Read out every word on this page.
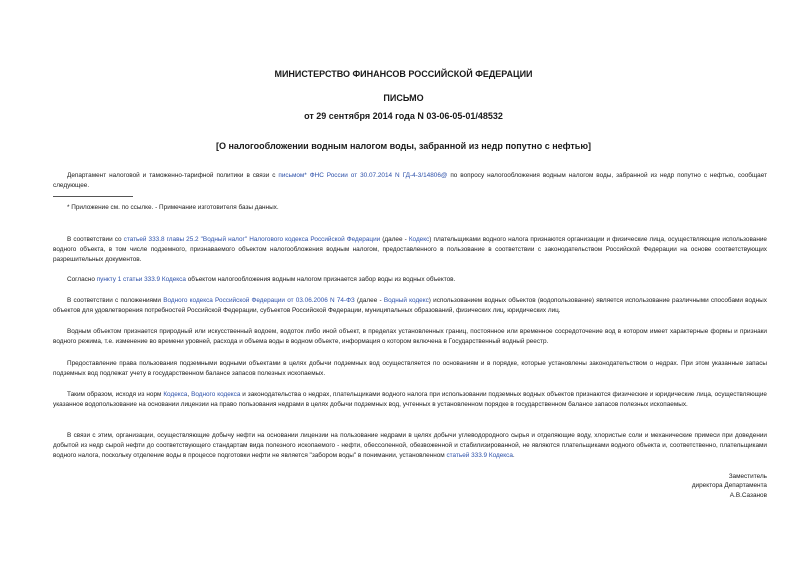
МИНИСТЕРСТВО ФИНАНСОВ РОССИЙСКОЙ ФЕДЕРАЦИИ
ПИСЬМО
от 29 сентября 2014 года N 03-06-05-01/48532
[О налогообложении водным налогом воды, забранной из недр попутно с нефтью]

Департамент налоговой и таможенно-тарифной политики в связи с письмом* ФНС России от 30.07.2014 N ГД-4-3/14806@ по вопросу налогообложения водным налогом воды, забранной из недр попутно с нефтью, сообщает следующее.

* Приложение см. по ссылке. - Примечание изготовителя базы данных.

В соответствии со статьей 333.8 главы 25.2 "Водный налог" Налогового кодекса Российской Федерации (далее - Кодекс) плательщиками водного налога признаются организации и физические лица, осуществляющие использование водного объекта, в том числе подземного, признаваемого объектом налогообложения водным налогом, предоставленного в пользование в соответствии с законодательством Российской Федерации на основе соответствующих разрешительных документов.

Согласно пункту 1 статьи 333.9 Кодекса объектом налогообложения водным налогом признается забор воды из водных объектов.

В соответствии с положениями Водного кодекса Российской Федерации от 03.06.2006 N 74-ФЗ (далее - Водный кодекс) использованием водных объектов (водопользование) является использование различными способами водных объектов для удовлетворения потребностей Российской Федерации, субъектов Российской Федерации, муниципальных образований, физических лиц, юридических лиц.

Водным объектом признается природный или искусственный водоем, водоток либо иной объект, в пределах установленных границ, постоянное или временное сосредоточение вод в котором имеет характерные формы и признаки водного режима, т.е. изменение во времени уровней, расхода и объема воды в водном объекте, информация о котором включена в Государственный водный реестр.

Предоставление права пользования подземными водными объектами в целях добычи подземных вод осуществляется по основаниям и в порядке, которые установлены законодательством о недрах. При этом указанные запасы подземных вод подлежат учету в государственном балансе запасов полезных ископаемых.

Таким образом, исходя из норм Кодекса, Водного кодекса и законодательства о недрах, плательщиками водного налога при использовании подземных водных объектов признаются физические и юридические лица, осуществляющие указанное водопользование на основании лицензии на право пользования недрами в целях добычи подземных вод, учтенных в установленном порядке в государственном балансе запасов полезных ископаемых.

В связи с этим, организации, осуществляющие добычу нефти на основании лицензии на пользование недрами в целях добычи углеводородного сырья и отделяющие воду, хлористые соли и механические примеси при доведении добытой из недр сырой нефти до соответствующего стандартам вида полезного ископаемого - нефти, обессоленной, обезвоженной и стабилизированной, не являются плательщиками водного объекта и, соответственно, плательщиками водного налога, поскольку отделение воды в процессе подготовки нефти не является "забором воды" в понимании, установленном статьей 333.9 Кодекса.

Заместитель
директора Департамента
А.В.Сазанов
